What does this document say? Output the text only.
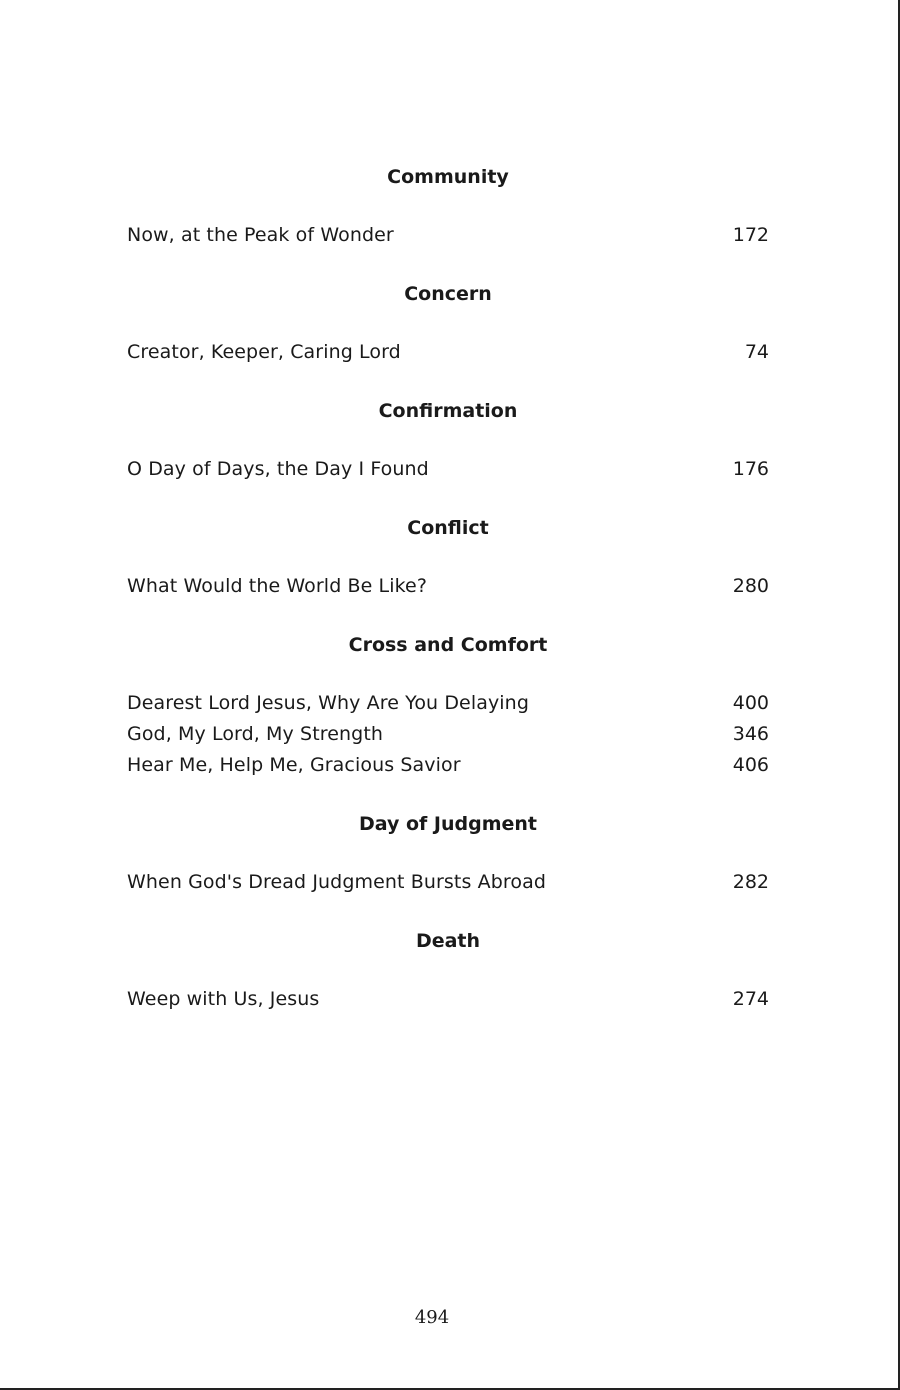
Community
Now, at the Peak of Wonder	172
Concern
Creator, Keeper, Caring Lord	74
Confirmation
O Day of Days, the Day I Found	176
Conflict
What Would the World Be Like?	280
Cross and Comfort
Dearest Lord Jesus, Why Are You Delaying	400
God, My Lord, My Strength	346
Hear Me, Help Me, Gracious Savior	406
Day of Judgment
When God's Dread Judgment Bursts Abroad	282
Death
Weep with Us, Jesus	274
494
